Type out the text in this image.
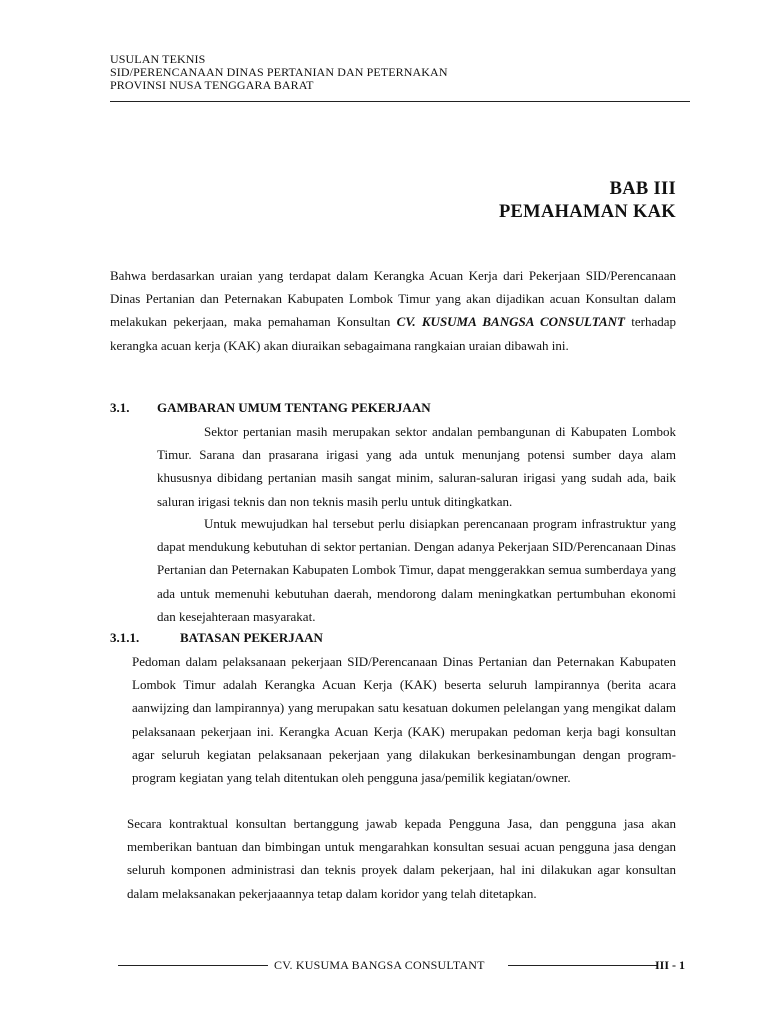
USULAN TEKNIS
SID/PERENCANAAN DINAS PERTANIAN DAN PETERNAKAN
PROVINSI NUSA TENGGARA BARAT
BAB III
PEMAHAMAN KAK
Bahwa berdasarkan uraian yang terdapat dalam Kerangka Acuan Kerja dari Pekerjaan SID/Perencanaan Dinas Pertanian dan Peternakan Kabupaten Lombok Timur yang akan dijadikan acuan Konsultan dalam melakukan pekerjaan, maka pemahaman Konsultan CV. KUSUMA BANGSA CONSULTANT terhadap kerangka acuan kerja (KAK) akan diuraikan sebagaimana rangkaian uraian dibawah ini.
3.1. GAMBARAN UMUM TENTANG PEKERJAAN
Sektor pertanian masih merupakan sektor andalan pembangunan di Kabupaten Lombok Timur. Sarana dan prasarana irigasi yang ada untuk menunjang potensi sumber daya alam khususnya dibidang pertanian masih sangat minim, saluran-saluran irigasi yang sudah ada, baik saluran irigasi teknis dan non teknis masih perlu untuk ditingkatkan.
Untuk mewujudkan hal tersebut perlu disiapkan perencanaan program infrastruktur yang dapat mendukung kebutuhan di sektor pertanian. Dengan adanya Pekerjaan SID/Perencanaan Dinas Pertanian dan Peternakan Kabupaten Lombok Timur, dapat menggerakkan semua sumberdaya yang ada untuk memenuhi kebutuhan daerah, mendorong dalam meningkatkan pertumbuhan ekonomi dan kesejahteraan masyarakat.
3.1.1.	BATASAN PEKERJAAN
Pedoman dalam pelaksanaan pekerjaan SID/Perencanaan Dinas Pertanian dan Peternakan Kabupaten Lombok Timur adalah Kerangka Acuan Kerja (KAK) beserta seluruh lampirannya (berita acara aanwijzing dan lampirannya) yang merupakan satu kesatuan dokumen pelelangan yang mengikat dalam pelaksanaan pekerjaan ini. Kerangka Acuan Kerja (KAK) merupakan pedoman kerja bagi konsultan agar seluruh kegiatan pelaksanaan pekerjaan yang dilakukan berkesinambungan dengan program-program kegiatan yang telah ditentukan oleh pengguna jasa/pemilik kegiatan/owner.
Secara kontraktual konsultan bertanggung jawab kepada Pengguna Jasa, dan pengguna jasa akan memberikan bantuan dan bimbingan untuk mengarahkan konsultan sesuai acuan pengguna jasa dengan seluruh komponen administrasi dan teknis proyek dalam pekerjaan, hal ini dilakukan agar konsultan dalam melaksanakan pekerjaaannya tetap dalam koridor yang telah ditetapkan.
CV. KUSUMA BANGSA CONSULTANT	III - 1
